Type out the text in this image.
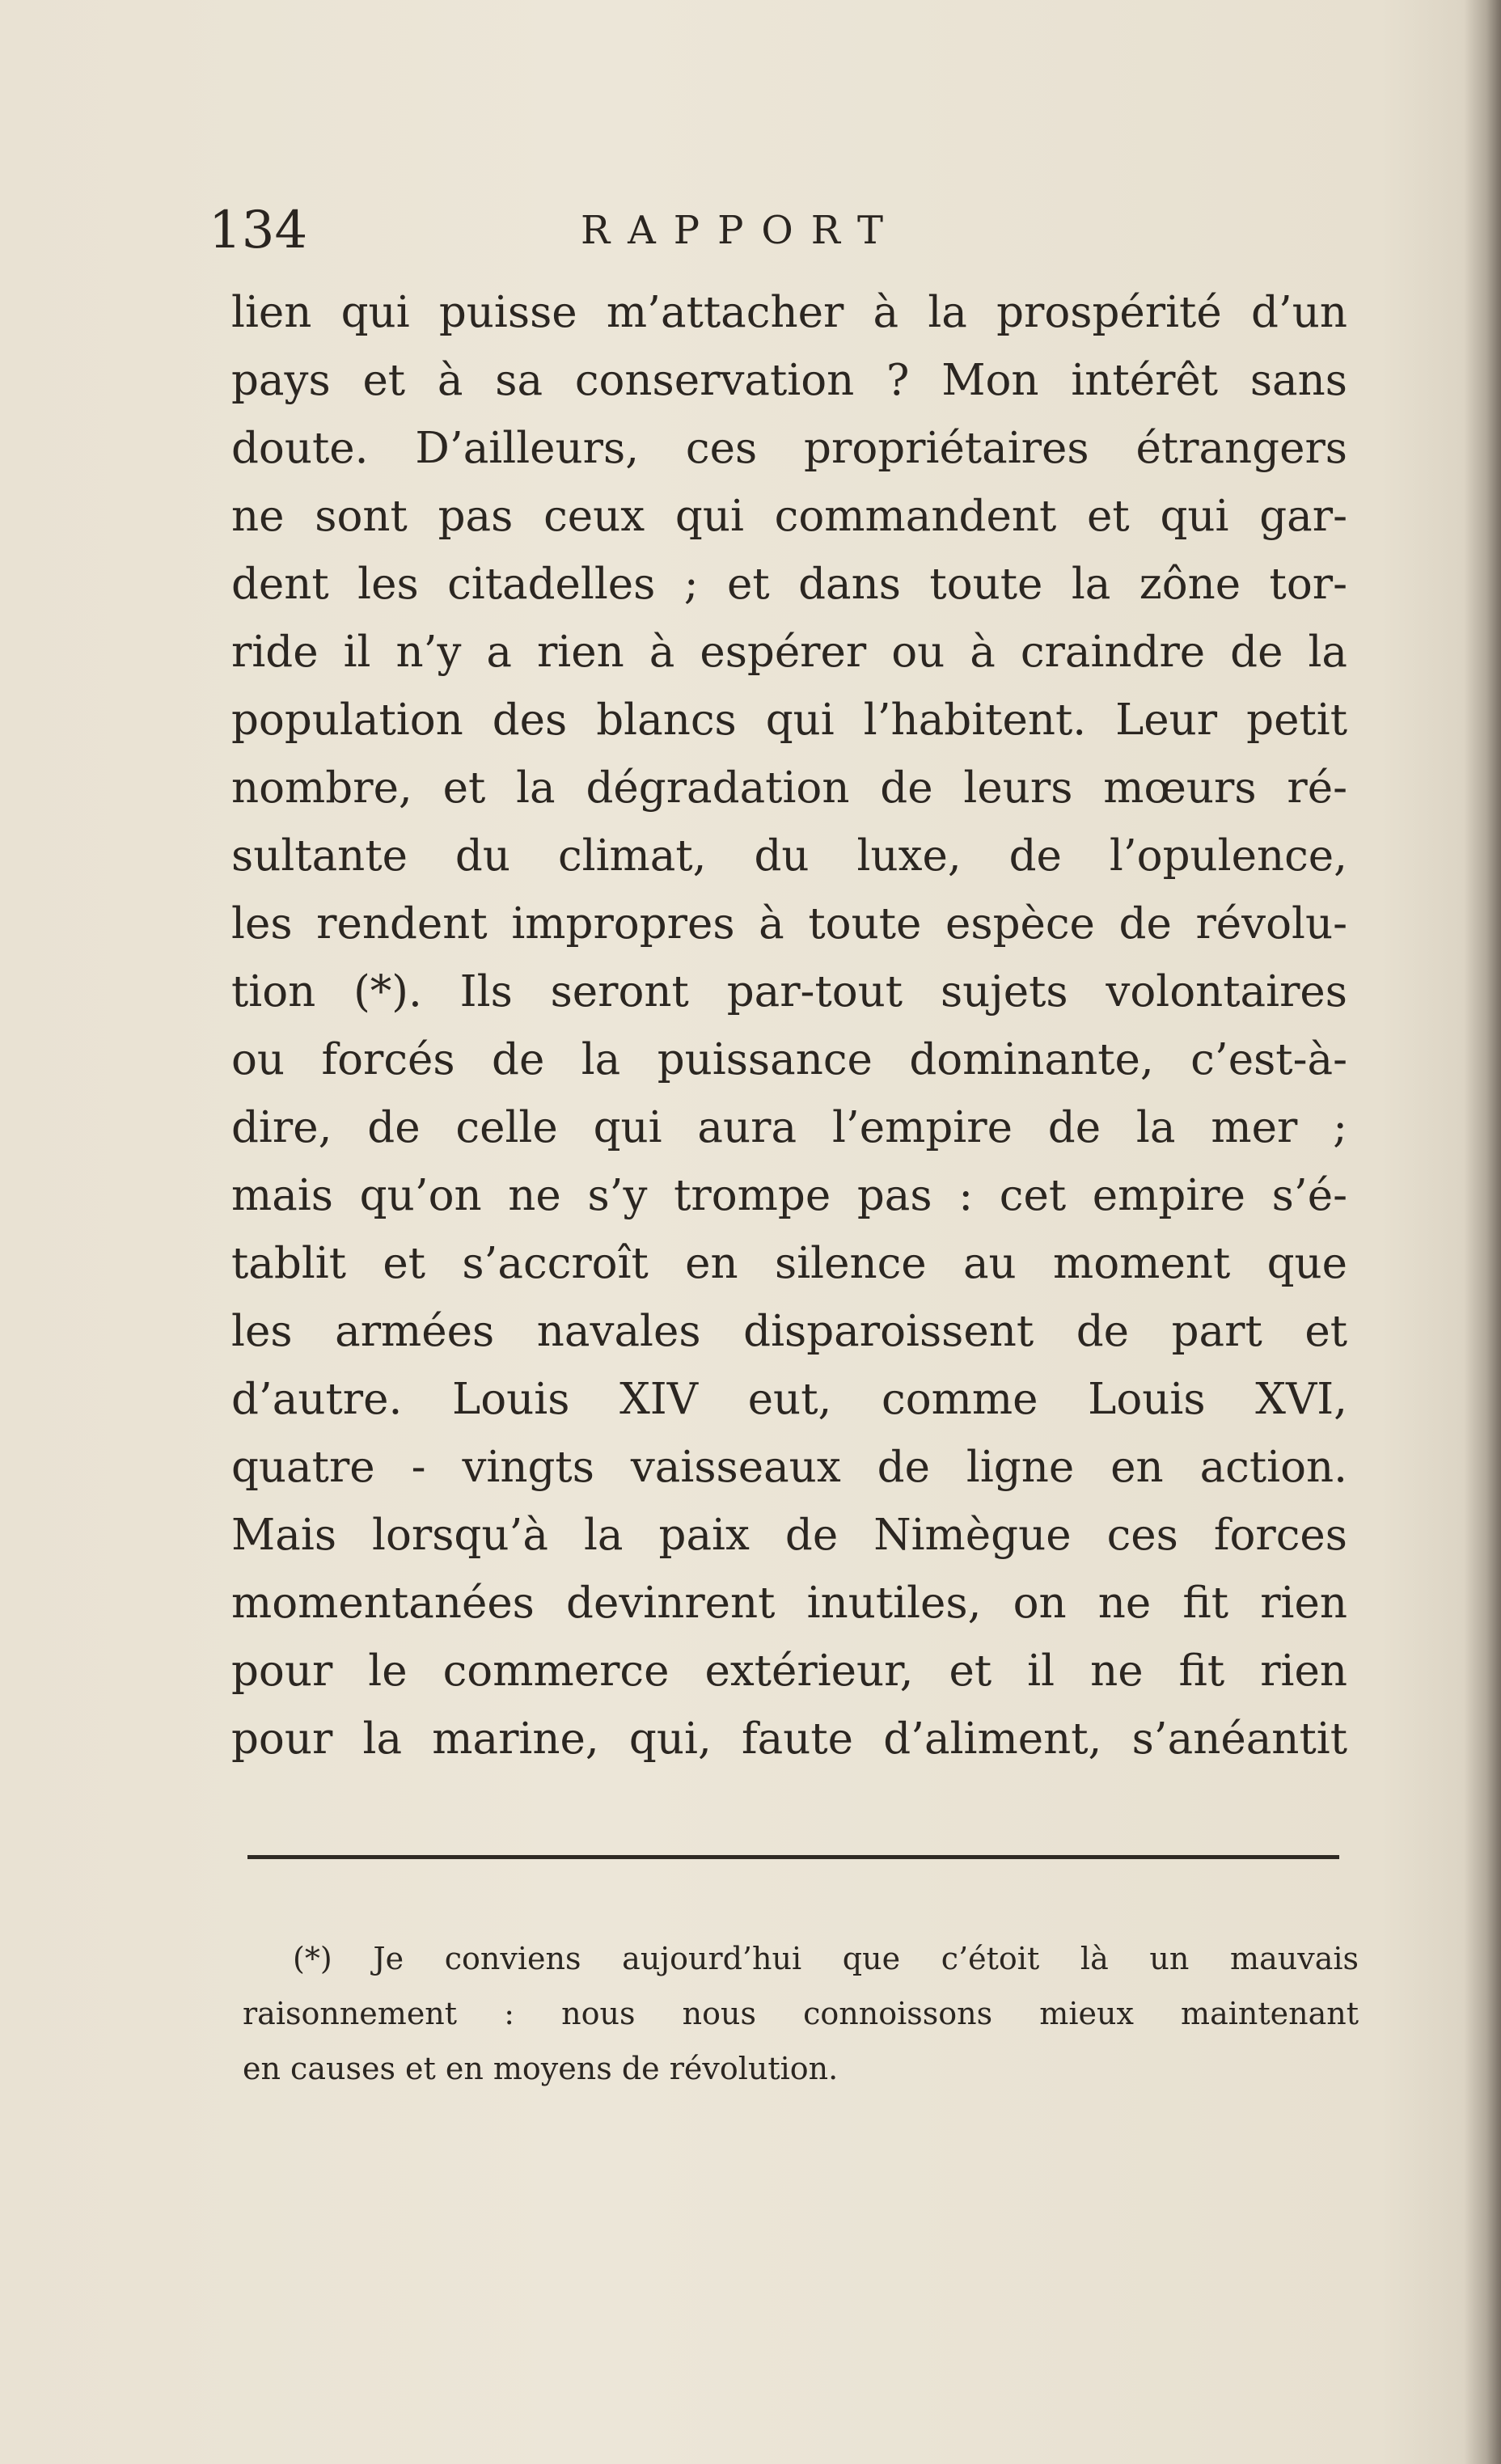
134	RAPPORT
lien qui puisse m’attacher à la prospérité d’un
pays et à sa conservation ? Mon intérêt sans
doute. D’ailleurs, ces propriétaires étrangers
ne sont pas ceux qui commandent et qui gar-
dent les citadelles ; et dans toute la zône tor-
ride il n’y a rien à espérer ou à craindre de la
population des blancs qui l’habitent. Leur petit
nombre, et la dégradation de leurs mœurs ré-
sultante du climat, du luxe, de l’opulence,
les rendent impropres à toute espèce de révolu-
tion (*). Ils seront par-tout sujets volontaires
ou forcés de la puissance dominante, c’est-à-
dire, de celle qui aura l’empire de la mer ;
mais qu’on ne s’y trompe pas : cet empire s’é-
tablit et s’accroît en silence au moment que
les armées navales disparoissent de part et
d’autre. Louis XIV eut, comme Louis XVI,
quatre - vingts vaisseaux de ligne en action.
Mais lorsqu’à la paix de Nimègue ces forces
momentanées devinrent inutiles, on ne fit rien
pour le commerce extérieur, et il ne fit rien
pour la marine, qui, faute d’aliment, s’anéantit
(*) Je conviens aujourd’hui que c’étoit là un mauvais
raisonnement : nous nous connoissons mieux maintenant
en causes et en moyens de révolution.
